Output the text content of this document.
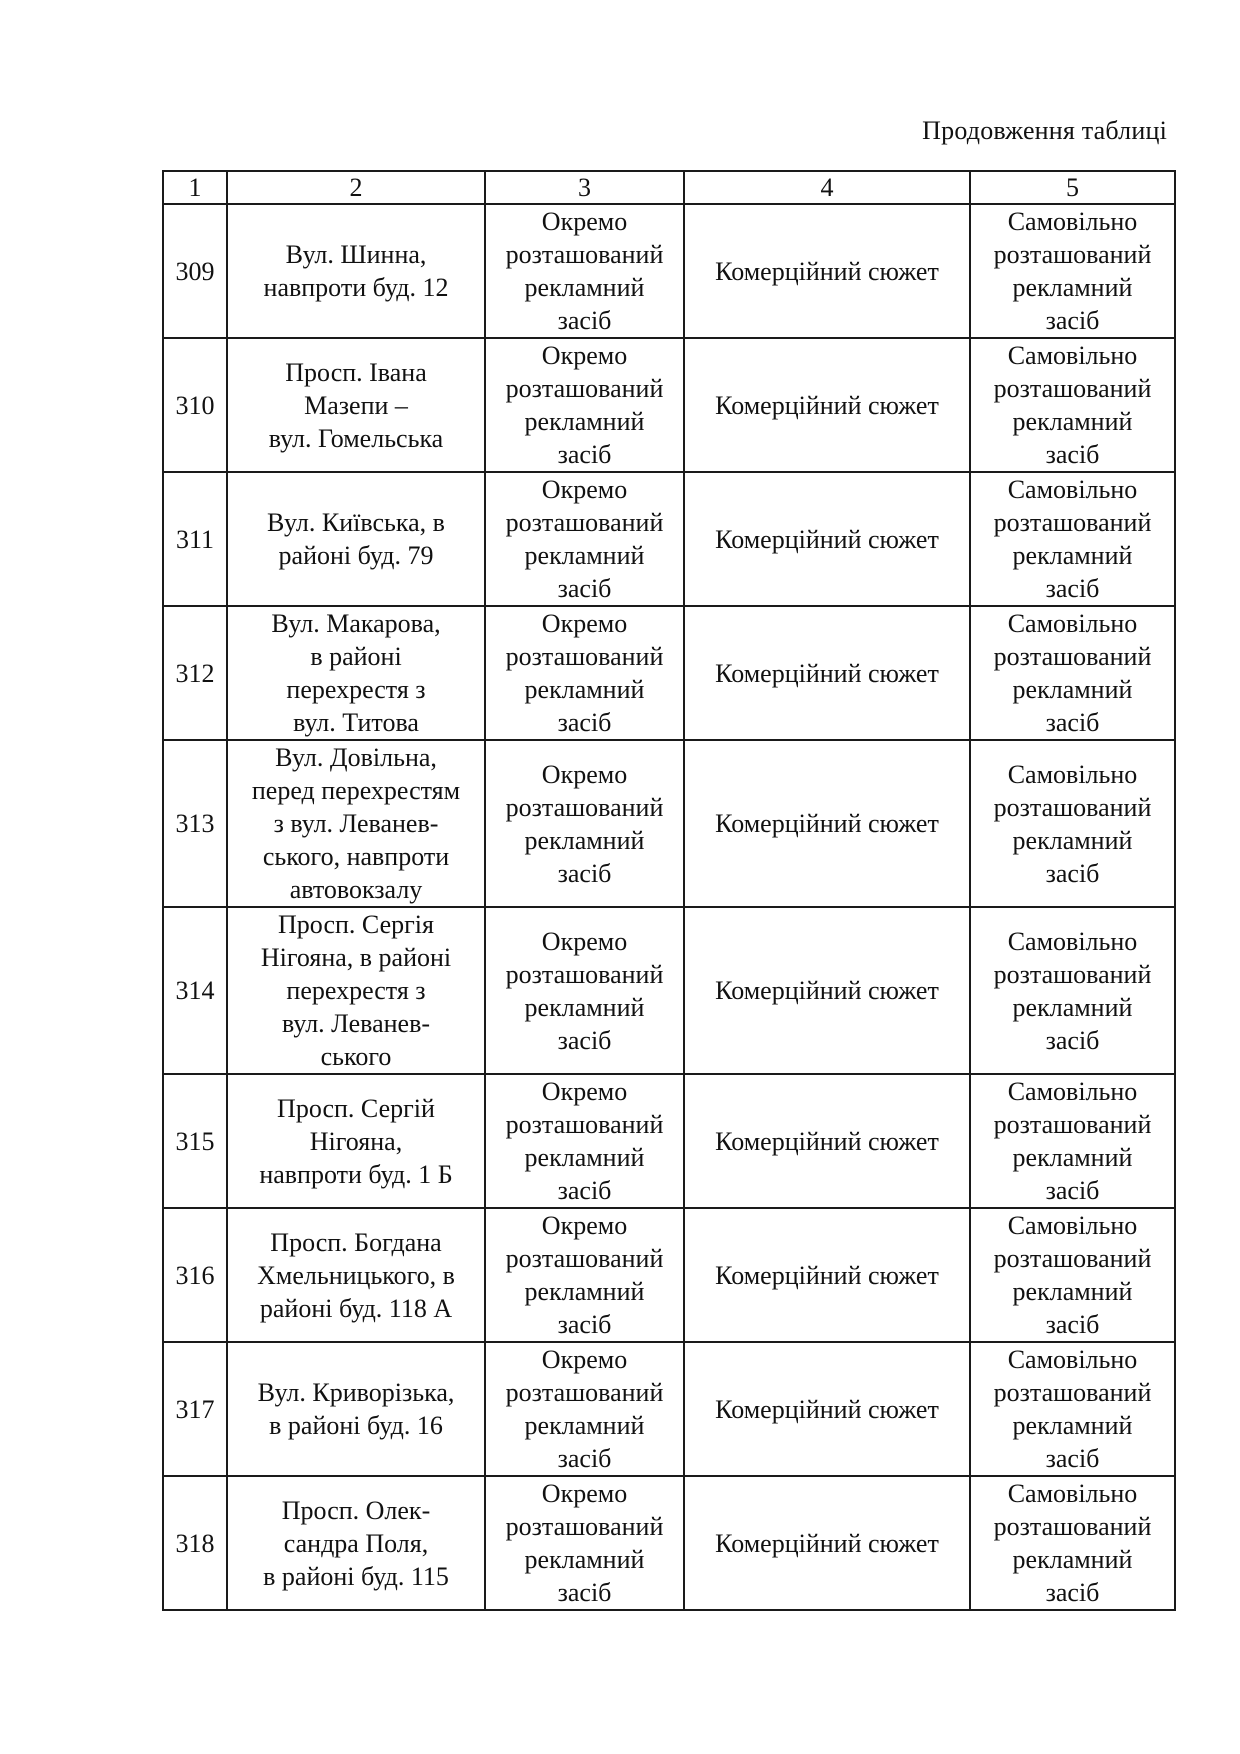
Продовження таблиці
1	2	3	4	5
309	Вул. Шинна,
навпроти буд. 12	Окремо
розташований
рекламний
засіб	Комерційний сюжет	Самовільно
розташований
рекламний
засіб
310	Просп. Івана
Мазепи –
вул. Гомельська	Окремо
розташований
рекламний
засіб	Комерційний сюжет	Самовільно
розташований
рекламний
засіб
311	Вул. Київська, в
районі буд. 79	Окремо
розташований
рекламний
засіб	Комерційний сюжет	Самовільно
розташований
рекламний
засіб
312	Вул. Макарова,
в районі
перехрестя з
вул. Титова	Окремо
розташований
рекламний
засіб	Комерційний сюжет	Самовільно
розташований
рекламний
засіб
313	Вул. Довільна,
перед перехрестям
з вул. Леванев-
ського, навпроти
автовокзалу	Окремо
розташований
рекламний
засіб	Комерційний сюжет	Самовільно
розташований
рекламний
засіб
314	Просп. Сергія
Нігояна, в районі
перехрестя з
вул. Леванев-
ського	Окремо
розташований
рекламний
засіб	Комерційний сюжет	Самовільно
розташований
рекламний
засіб
315	Просп. Сергій
Нігояна,
навпроти буд. 1 Б	Окремо
розташований
рекламний
засіб	Комерційний сюжет	Самовільно
розташований
рекламний
засіб
316	Просп. Богдана
Хмельницького, в
районі буд. 118 А	Окремо
розташований
рекламний
засіб	Комерційний сюжет	Самовільно
розташований
рекламний
засіб
317	Вул. Криворізька,
в районі буд. 16	Окремо
розташований
рекламний
засіб	Комерційний сюжет	Самовільно
розташований
рекламний
засіб
318	Просп. Олек-
сандра Поля,
в районі буд. 115	Окремо
розташований
рекламний
засіб	Комерційний сюжет	Самовільно
розташований
рекламний
засіб
